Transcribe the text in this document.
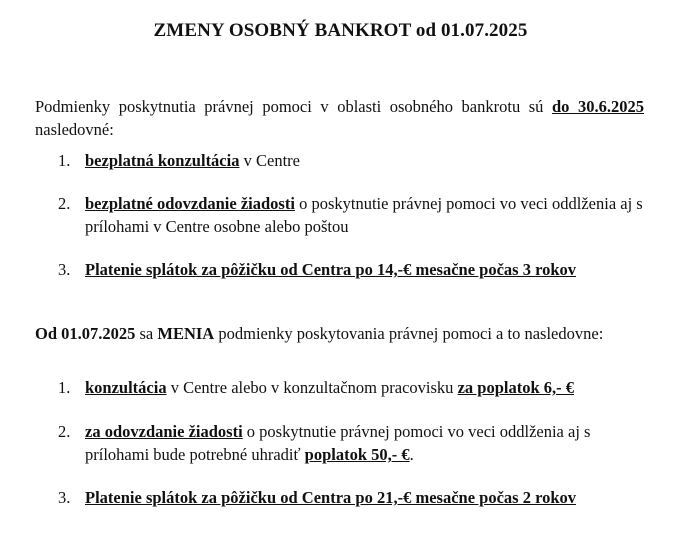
ZMENY OSOBNÝ BANKROT od 01.07.2025
Podmienky poskytnutia právnej pomoci v oblasti osobného bankrotu sú do 30.6.2025 nasledovné:
1. bezplatná konzultácia v Centre
2. bezplatné odovzdanie žiadosti o poskytnutie právnej pomoci vo veci oddlženia aj s prílohami v Centre osobne alebo poštou
3. Platenie splátok za pôžičku od Centra po 14,-€ mesačne počas 3 rokov
Od 01.07.2025 sa MENIA podmienky poskytovania právnej pomoci a to nasledovne:
1. konzultácia v Centre alebo v konzultačnom pracovisku za poplatok 6,- €
2. za odovzdanie žiadosti o poskytnutie právnej pomoci vo veci oddlženia aj s prílohami bude potrebné uhradiť poplatok 50,- €.
3. Platenie splátok za pôžičku od Centra po 21,-€ mesačne počas 2 rokov
